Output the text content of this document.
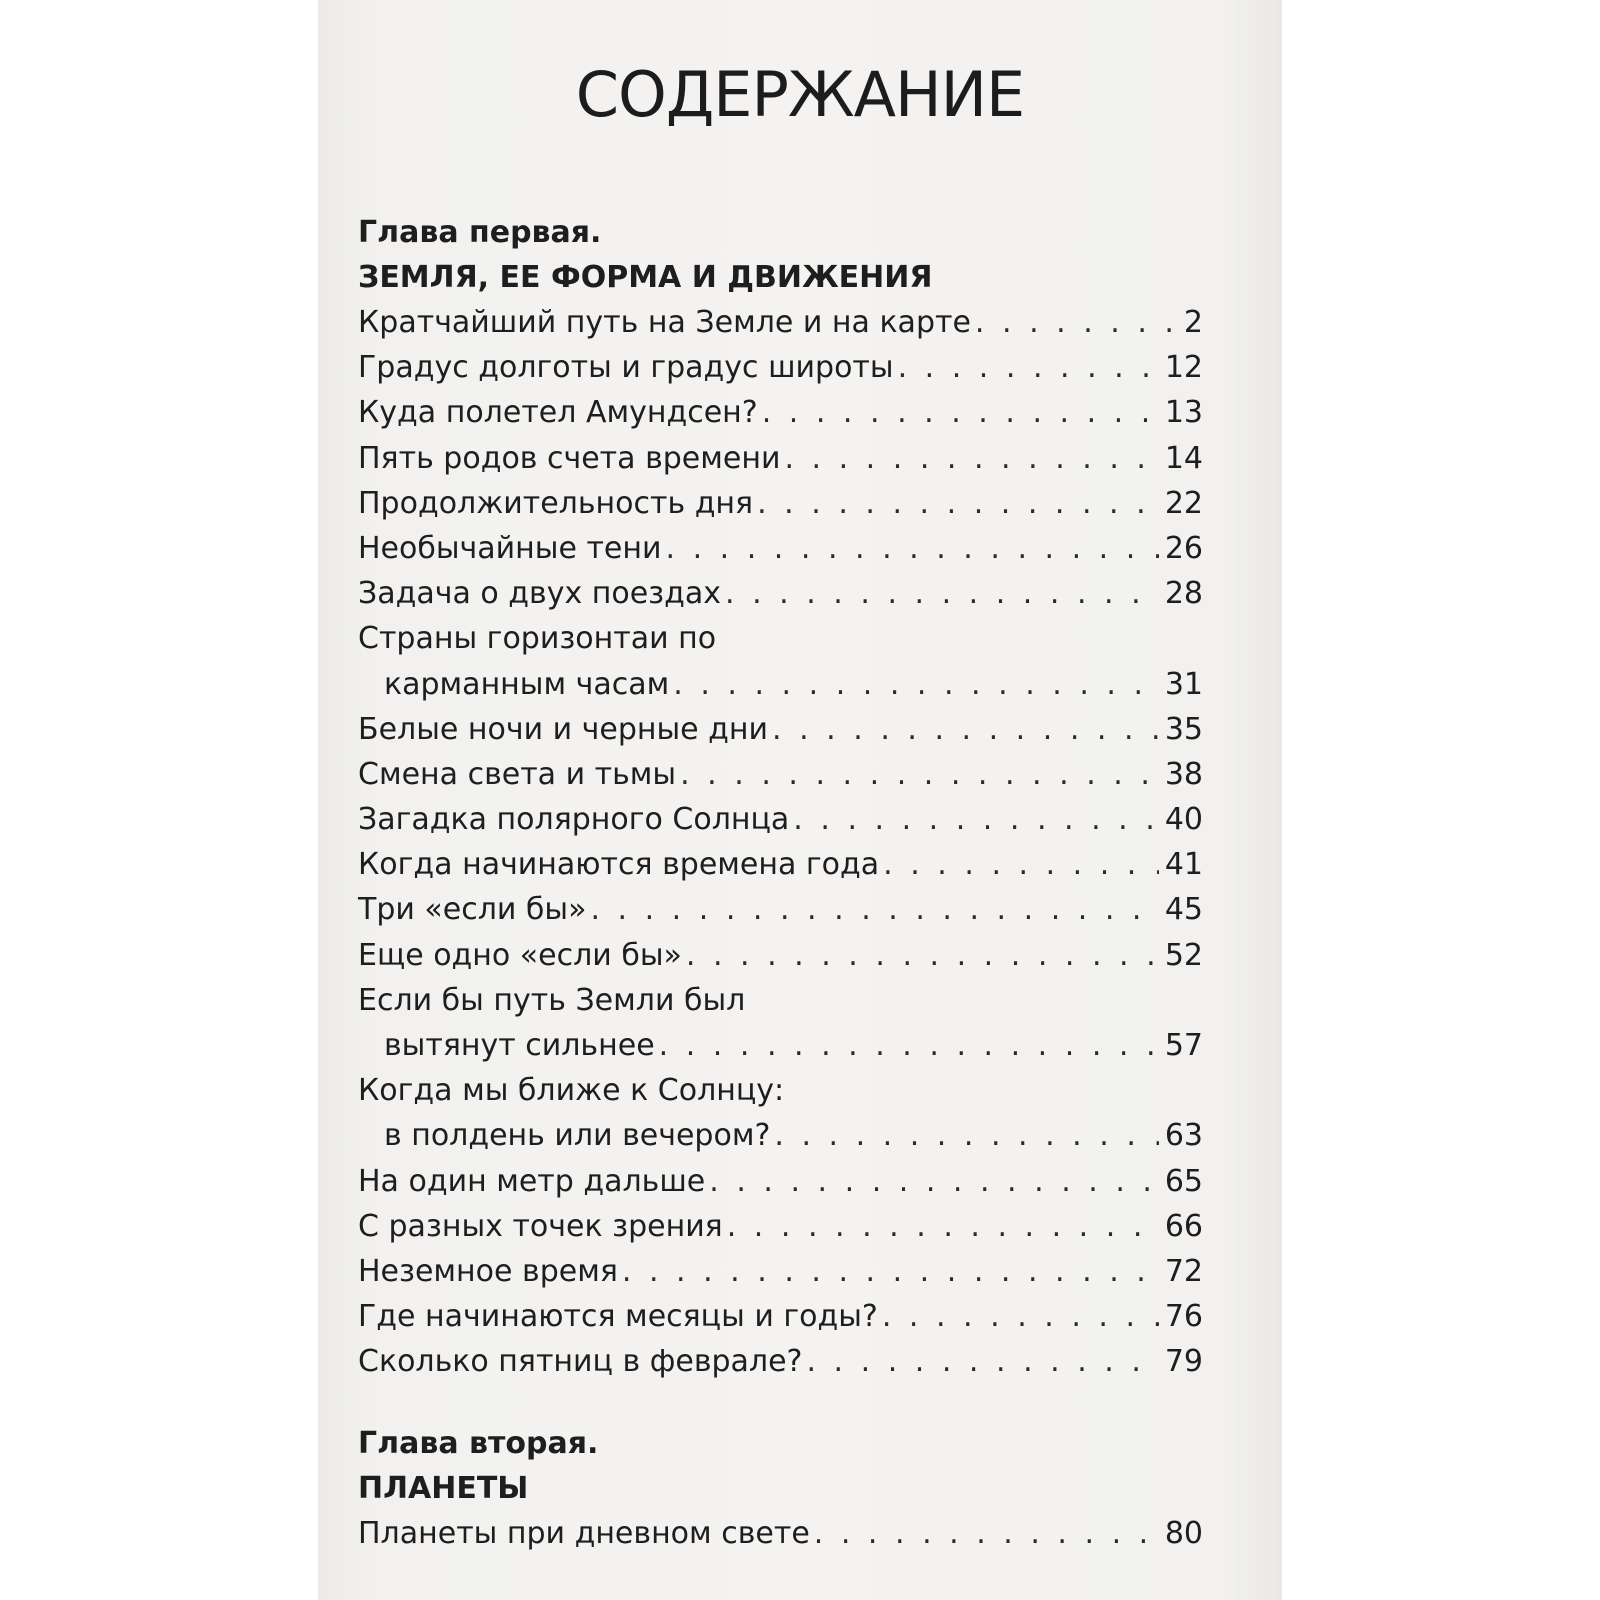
СОДЕРЖАНИЕ
Глава первая.
ЗЕМЛЯ, ЕЕ ФОРМА И ДВИЖЕНИЯ
Кратчайший путь на Земле и на карте . . .	2
Градус долготы и градус широты . . .	12
Куда полетел Амундсен? . . .	13
Пять родов счета времени . . .	14
Продолжительность дня . . .	22
Необычайные тени . . .	26
Задача о двух поездах . . .	28
Страны горизонтаи по
карманным часам . . .	31
Белые ночи и черные дни . . .	35
Смена света и тьмы . . .	38
Загадка полярного Солнца . . .	40
Когда начинаются времена года . . .	41
Три «если бы» . . .	45
Еще одно «если бы» . . .	52
Если бы путь Земли был
вытянут сильнее . . .	57
Когда мы ближе к Солнцу:
в полдень или вечером? . . .	63
На один метр дальше . . .	65
С разных точек зрения . . .	66
Неземное время . . .	72
Где начинаются месяцы и годы? . . .	76
Сколько пятниц в феврале? . . .	79
Глава вторая.
ПЛАНЕТЫ
Планеты при дневном свете . . .	80
